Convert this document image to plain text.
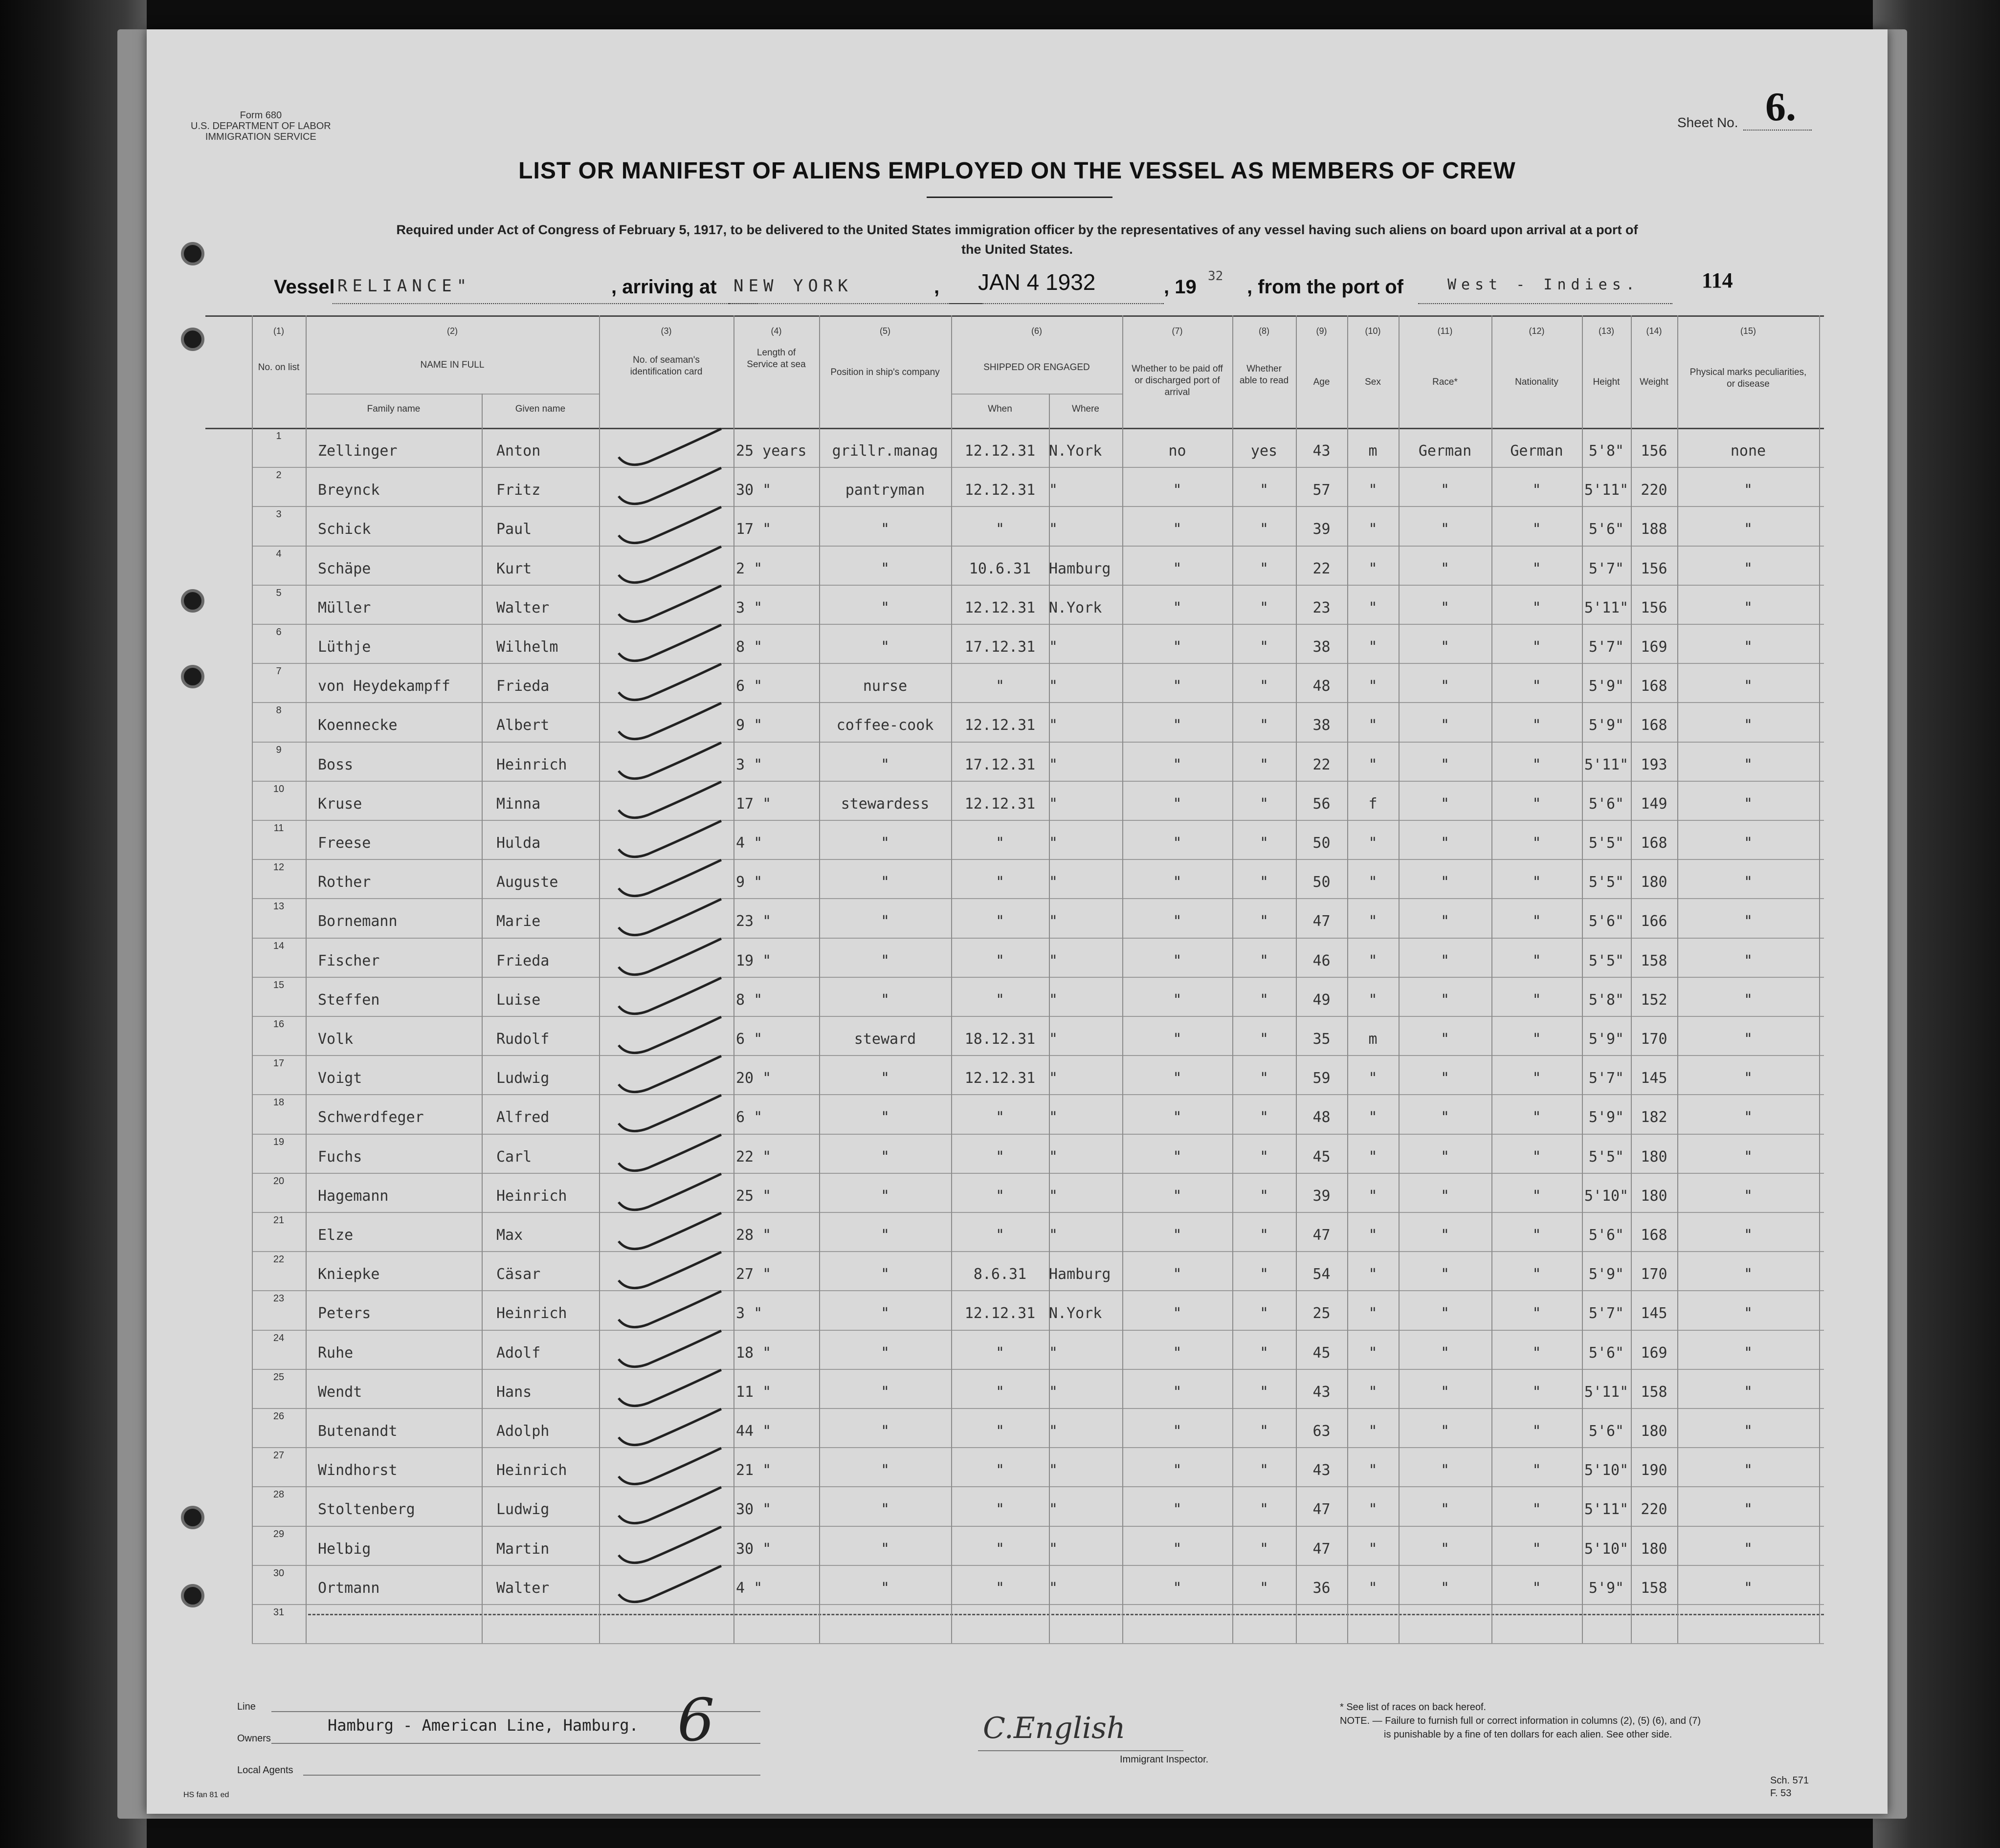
Form 680
U.S. DEPARTMENT OF LABOR
IMMIGRATION SERVICE
6.
Sheet No.
LIST OR MANIFEST OF ALIENS EMPLOYED ON THE VESSEL AS MEMBERS OF CREW
Required under Act of Congress of February 5, 1917, to be delivered to the United States immigration officer by the representatives of any vessel having such aliens on board upon arrival at a port of the United States.
Vessel RELIANCE"	, arriving at NEW YORK	, JAN 4 1932	, 19 32 , from the port of	West - Indies.	114
(1)
No. on list
(2)
NAME IN FULL
Family name	Given name
(3)
No. of seaman's identification card
(4)
Length of Service at sea
(5)
Position in ship's company
(6)
SHIPPED OR ENGAGED
When	Where
(7)
Whether to be paid off or discharged port of arrival
(8)
Whether able to read
(9)
Age
(10)
Sex
(11)
Race*
(12)
Nationality
(13)
Height
(14)
Weight
(15)
Physical marks peculiarities, or disease
1
Zellinger	Anton	25 years	grillr.manag	12.12.31 N.York	no	yes	43	m	German	German	5'8"	156	none
2
Breynck	Fritz	30 "	pantryman	12.12.31 "	"	"	57	"	"	"	5'11" 220	"
3
Schick	Paul	17 "	"	"	"	"	"	39	"	"	"	5'6"	188	"
4
Schäpe	Kurt	2 "	"	10.6.31	Hamburg	"	"	22	"	"	"	5'7"	156	"
5
Müller	Walter	3 "	"	12.12.31 N.York	"	"	23	"	"	"	5'11" 156	"
6
Lüthje	Wilhelm	8 "	"	17.12.31 "	"	"	38	"	"	"	5'7"	169	"
7
von Heydekampff	Frieda	6 "	nurse	"	"	"	"	48	"	"	"	5'9"	168	"
8
Koennecke	Albert	9 "	coffee-cook	12.12.31 "	"	"	38	"	"	"	5'9"	168	"
9
Boss	Heinrich	3 "	"	17.12.31 "	"	"	22	"	"	"	5'11" 193	"
10
Kruse	Minna	17 "	stewardess	12.12.31 "	"	"	56	f	"	"	5'6"	149	"
11
Freese	Hulda	4 "	"	"	"	"	"	50	"	"	"	5'5"	168	"
12
Rother	Auguste	9 "	"	"	"	"	"	50	"	"	"	5'5"	180	"
13
Bornemann	Marie	23 "	"	"	"	"	"	47	"	"	"	5'6"	166	"
14
Fischer	Frieda	19 "	"	"	"	"	"	46	"	"	"	5'5"	158	"
15
Steffen	Luise	8 "	"	"	"	"	"	49	"	"	"	5'8"	152	"
16
Volk	Rudolf	6 "	steward	18.12.31 "	"	"	35	m	"	"	5'9"	170	"
17
Voigt	Ludwig	20 "	"	12.12.31 "	"	"	59	"	"	"	5'7"	145	"
18
Schwerdfeger	Alfred	6 "	"	"	"	"	"	48	"	"	"	5'9"	182	"
19
Fuchs	Carl	22 "	"	"	"	"	"	45	"	"	"	5'5"	180	"
20
Hagemann	Heinrich	25 "	"	"	"	"	"	39	"	"	"	5'10" 180	"
21
Elze	Max	28 "	"	"	"	"	"	47	"	"	"	5'6"	168	"
22
Kniepke	Cäsar	27 "	"	8.6.31	Hamburg	"	"	54	"	"	"	5'9"	170	"
23
Peters	Heinrich	3 "	"	12.12.31 N.York	"	"	25	"	"	"	5'7"	145	"
24
Ruhe	Adolf	18 "	"	"	"	"	"	45	"	"	"	5'6"	169	"
25
Wendt	Hans	11 "	"	"	"	"	"	43	"	"	"	5'11" 158	"
26
Butenandt	Adolph	44 "	"	"	"	"	"	63	"	"	"	5'6"	180	"
27
Windhorst	Heinrich	21 "	"	"	"	"	"	43	"	"	"	5'10" 190	"
28
Stoltenberg	Ludwig	30 "	"	"	"	"	"	47	"	"	"	5'11" 220	"
29
Helbig	Martin	30 "	"	"	"	"	"	47	"	"	"	5'10" 180	"
30
Ortmann	Walter	4 "	"	"	"	"	"	36	"	"	"	5'9"	158	"
31
Line
Owners
Local Agents
Hamburg - American Line, Hamburg. 6	C.English
Immigrant Inspector.
* See list of races on back hereof.
NOTE. — Failure to furnish full or correct information in columns (2), (5) (6), and (7)
is punishable by a fine of ten dollars for each alien. See other side.
HS fan 81 ed
Sch. 571
F. 53
